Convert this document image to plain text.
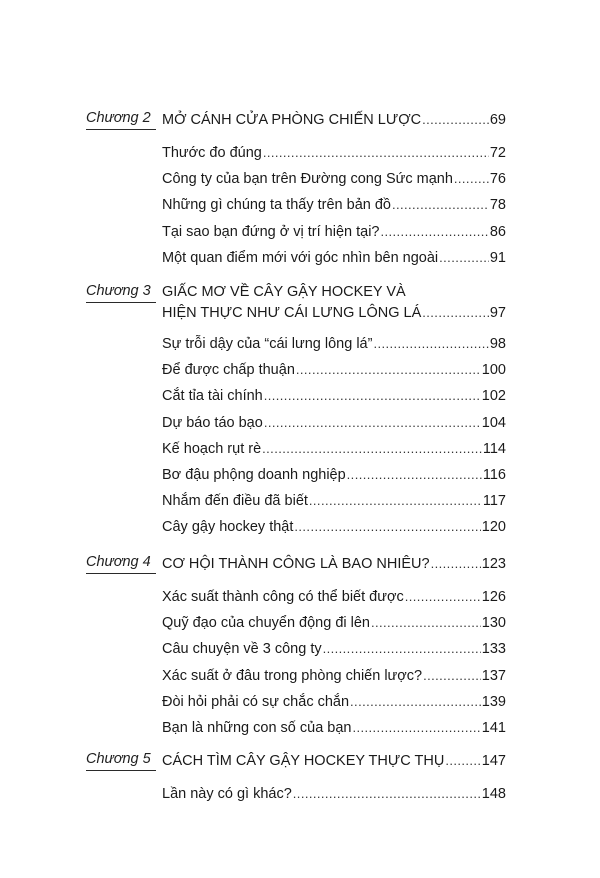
Chương 2 MỞ CÁNH CỬA PHÒNG CHIẾN LƯỢC .....	69
Thước đo đúng .....	72
Công ty của bạn trên Đường cong Sức mạnh .....	76
Những gì chúng ta thấy trên bản đồ .....	78
Tại sao bạn đứng ở vị trí hiện tại? .....	86
Một quan điểm mới với góc nhìn bên ngoài .....	91
Chương 3 GIẤC MƠ VỀ CÂY GẬY HOCKEY VÀ
HIỆN THỰC NHƯ CÁI LƯNG LÔNG LÁ .....	97
Sự trỗi dậy của “cái lưng lông lá” .....	98
Để được chấp thuận .....	100
Cắt tỉa tài chính .....	102
Dự báo táo bạo .....	104
Kế hoạch rụt rè .....	114
Bơ đậu phộng doanh nghiệp .....	116
Nhắm đến điều đã biết .....	117
Cây gậy hockey thật .....	120
Chương 4 CƠ HỘI THÀNH CÔNG LÀ BAO NHIÊU? .....	123
Xác suất thành công có thể biết được .....	126
Quỹ đạo của chuyển động đi lên .....	130
Câu chuyện về 3 công ty .....	133
Xác suất ở đâu trong phòng chiến lược? .....	137
Đòi hỏi phải có sự chắc chắn .....	139
Bạn là những con số của bạn .....	141
Chương 5 CÁCH TÌM CÂY GẬY HOCKEY THỰC THỤ .....	147
Lần này có gì khác? .....	148
